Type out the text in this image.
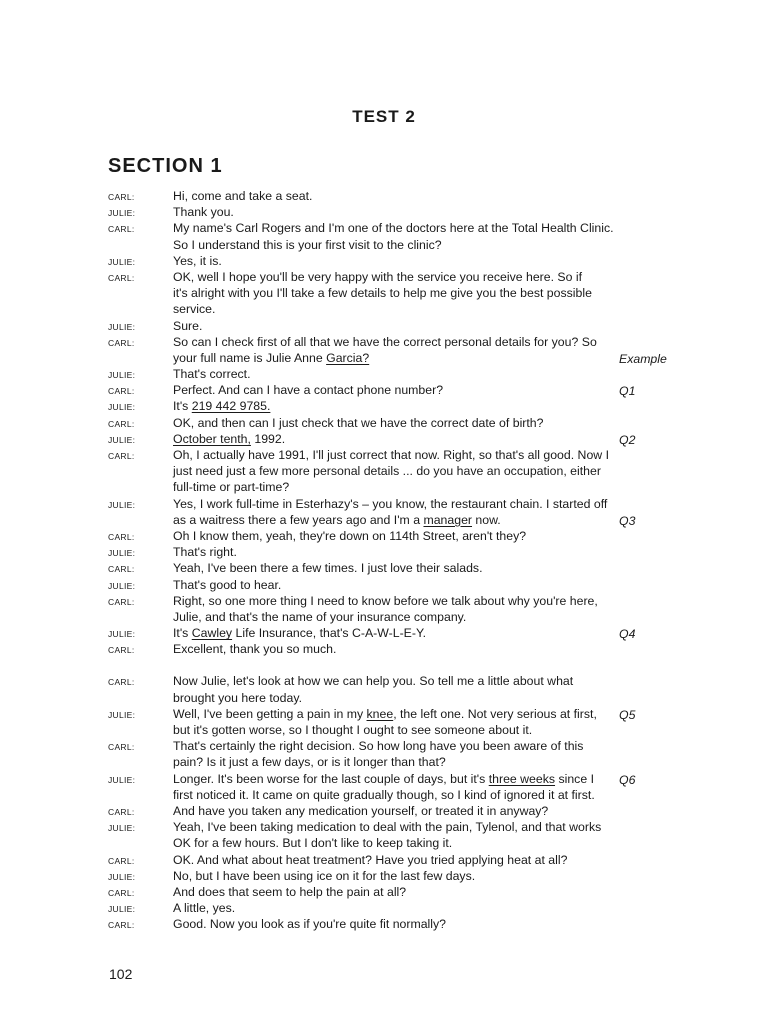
TEST 2
SECTION 1
CARL:	Hi, come and take a seat.
JULIE:	Thank you.
CARL:	My name's Carl Rogers and I'm one of the doctors here at the Total Health Clinic.
So I understand this is your first visit to the clinic?
JULIE:	Yes, it is.
CARL:	OK, well I hope you'll be very happy with the service you receive here. So if
it's alright with you I'll take a few details to help me give you the best possible
service.
JULIE:	Sure.
CARL:	So can I check first of all that we have the correct personal details for you? So
your full name is Julie Anne Garcia?	Example
JULIE:	That's correct.
CARL:	Perfect. And can I have a contact phone number?	Q1
JULIE:	It's 219 442 9785.
CARL:	OK, and then can I just check that we have the correct date of birth?
JULIE:	October tenth, 1992.	Q2
CARL:	Oh, I actually have 1991, I'll just correct that now. Right, so that's all good. Now I
just need just a few more personal details ... do you have an occupation, either
full-time or part-time?
JULIE:	Yes, I work full-time in Esterhazy's – you know, the restaurant chain. I started off
as a waitress there a few years ago and I'm a manager now.	Q3
CARL:	Oh I know them, yeah, they're down on 114th Street, aren't they?
JULIE:	That's right.
CARL:	Yeah, I've been there a few times. I just love their salads.
JULIE:	That's good to hear.
CARL:	Right, so one more thing I need to know before we talk about why you're here,
Julie, and that's the name of your insurance company.
JULIE:	It's Cawley Life Insurance, that's C-A-W-L-E-Y.	Q4
CARL:	Excellent, thank you so much.
CARL:	Now Julie, let's look at how we can help you. So tell me a little about what
brought you here today.
JULIE:	Well, I've been getting a pain in my knee, the left one. Not very serious at first, Q5
but it's gotten worse, so I thought I ought to see someone about it.
CARL:	That's certainly the right decision. So how long have you been aware of this
pain? Is it just a few days, or is it longer than that?
JULIE:	Longer. It's been worse for the last couple of days, but it's three weeks since I Q6
first noticed it. It came on quite gradually though, so I kind of ignored it at first.
CARL:	And have you taken any medication yourself, or treated it in anyway?
JULIE:	Yeah, I've been taking medication to deal with the pain, Tylenol, and that works
OK for a few hours. But I don't like to keep taking it.
CARL:	OK. And what about heat treatment? Have you tried applying heat at all?
JULIE:	No, but I have been using ice on it for the last few days.
CARL:	And does that seem to help the pain at all?
JULIE:	A little, yes.
CARL:	Good. Now you look as if you're quite fit normally?
102
